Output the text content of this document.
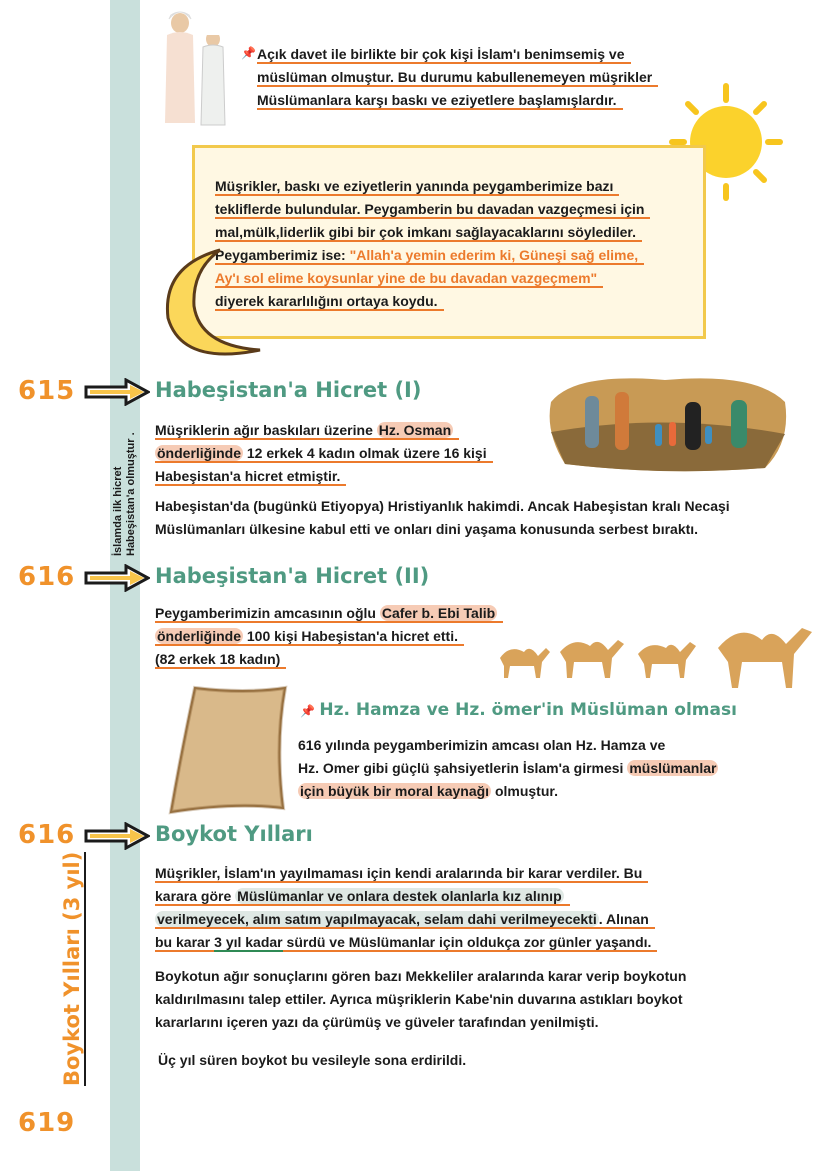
İslamda ilk hicret Habeşistan'a olmuştur .
Boykot Yılları (3 yıl)
619
📌 Açık davet ile birlikte bir çok kişi İslam'ı benimsemiş ve
müslüman olmuştur. Bu durumu kabullenemeyen müşrikler
Müslümanlara karşı baskı ve eziyetlere başlamışlardır.
Müşrikler, baskı ve eziyetlerin yanında peygamberimize bazı
tekliflerde bulundular. Peygamberin bu davadan vazgeçmesi için
mal,mülk,liderlik gibi bir çok imkanı sağlayacaklarını söylediler.
Peygamberimiz ise: "Allah'a yemin ederim ki, Güneşi sağ elime,
Ay'ı sol elime koysunlar yine de bu davadan vazgeçmem"
diyerek kararlılığını ortaya koydu.
615	Habeşistan'a Hicret (I)
Müşriklerin ağır baskıları üzerine Hz. Osman
önderliğinde 12 erkek 4 kadın olmak üzere 16 kişi
Habeşistan'a hicret etmiştir.
Habeşistan'da (bugünkü Etiyopya) Hristiyanlık hakimdi. Ancak Habeşistan kralı Necaşi
Müslümanları ülkesine kabul etti ve onları dini yaşama konusunda serbest bıraktı.
616	Habeşistan'a Hicret (II)
Peygamberimizin amcasının oğlu Cafer b. Ebi Talib
önderliğinde 100 kişi Habeşistan'a hicret etti.
(82 erkek 18 kadın)
📌 Hz. Hamza ve Hz. ömer'in Müslüman olması
616 yılında peygamberimizin amcası olan Hz. Hamza ve
Hz. Omer gibi güçlü şahsiyetlerin İslam'a girmesi müslümanlar
için büyük bir moral kaynağı olmuştur.
616	Boykot Yılları
Müşrikler, İslam'ın yayılmaması için kendi aralarında bir karar verdiler. Bu
karara göre Müslümanlar ve onlara destek olanlarla kız alınıp
verilmeyecek, alım satım yapılmayacak, selam dahi verilmeyecekti . Alınan
bu karar 3 yıl kadar sürdü ve Müslümanlar için oldukça zor günler yaşandı.
Boykotun ağır sonuçlarını gören bazı Mekkeliler aralarında karar verip boykotun
kaldırılmasını talep ettiler. Ayrıca müşriklerin Kabe'nin duvarına astıkları boykot
kararlarını içeren yazı da çürümüş ve güveler tarafından yenilmişti.
Üç yıl süren boykot bu vesileyle sona erdirildi.
